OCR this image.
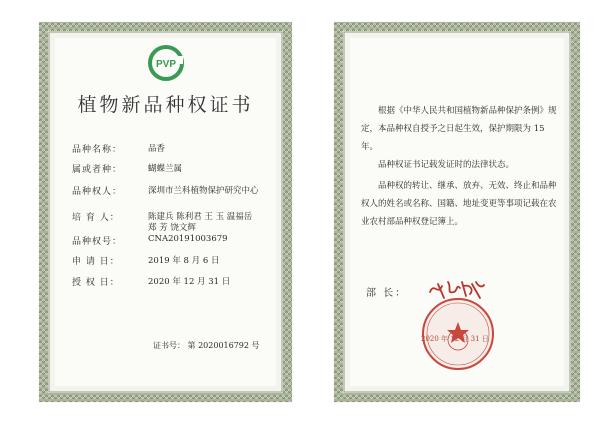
PVP
植物新品种权证书
品种名称：	品香
属或者种：	蝴蝶兰属
品种权人：	深圳市兰科植物保护研究中心
培 育 人：	陈建兵 陈利君 王 玉 温福岳
郑 芳 饶文辉
品种权号：	CNA20191003679
申 请 日：	2019 年 8 月 6 日
授 权 日：	2020 年 12 月 31 日
证书号： 第 2020016792 号
根据《中华人民共和国植物新品种保护条例》规定，本品种权自授予之日起生效，保护期限为 15 年。
品种权证书记载发证时的法律状态。
品种权的转让、继承、放弃、无效、终止和品种权人的姓名或名称、国籍、地址变更等事项记载在农业农村部品种权登记簿上。
部 长：
2020 年 12 月 31 日
